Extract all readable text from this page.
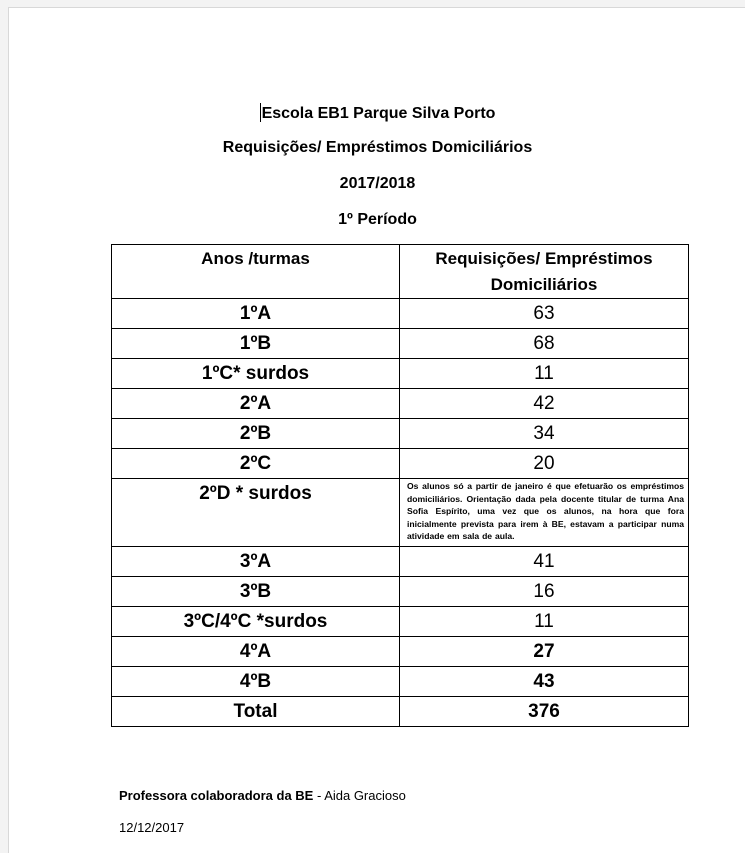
Escola EB1 Parque Silva Porto
Requisições/ Empréstimos Domiciliários
2017/2018
1º Período
Anos /turmas	Requisições/ Empréstimos Domiciliários
1ºA	63
1ºB	68
1ºC* surdos	11
2ºA	42
2ºB	34
2ºC	20
2ºD * surdos	Os alunos só a partir de janeiro é que efetuarão os empréstimos domiciliários. Orientação dada pela docente titular de turma Ana Sofia Espírito, uma vez que os alunos, na hora que fora inicialmente prevista para irem à BE, estavam a participar numa atividade em sala de aula.
3ºA	41
3ºB	16
3ºC/4ºC *surdos	11
4ºA	27
4ºB	43
Total	376
Professora colaboradora da BE - Aida Gracioso
12/12/2017
